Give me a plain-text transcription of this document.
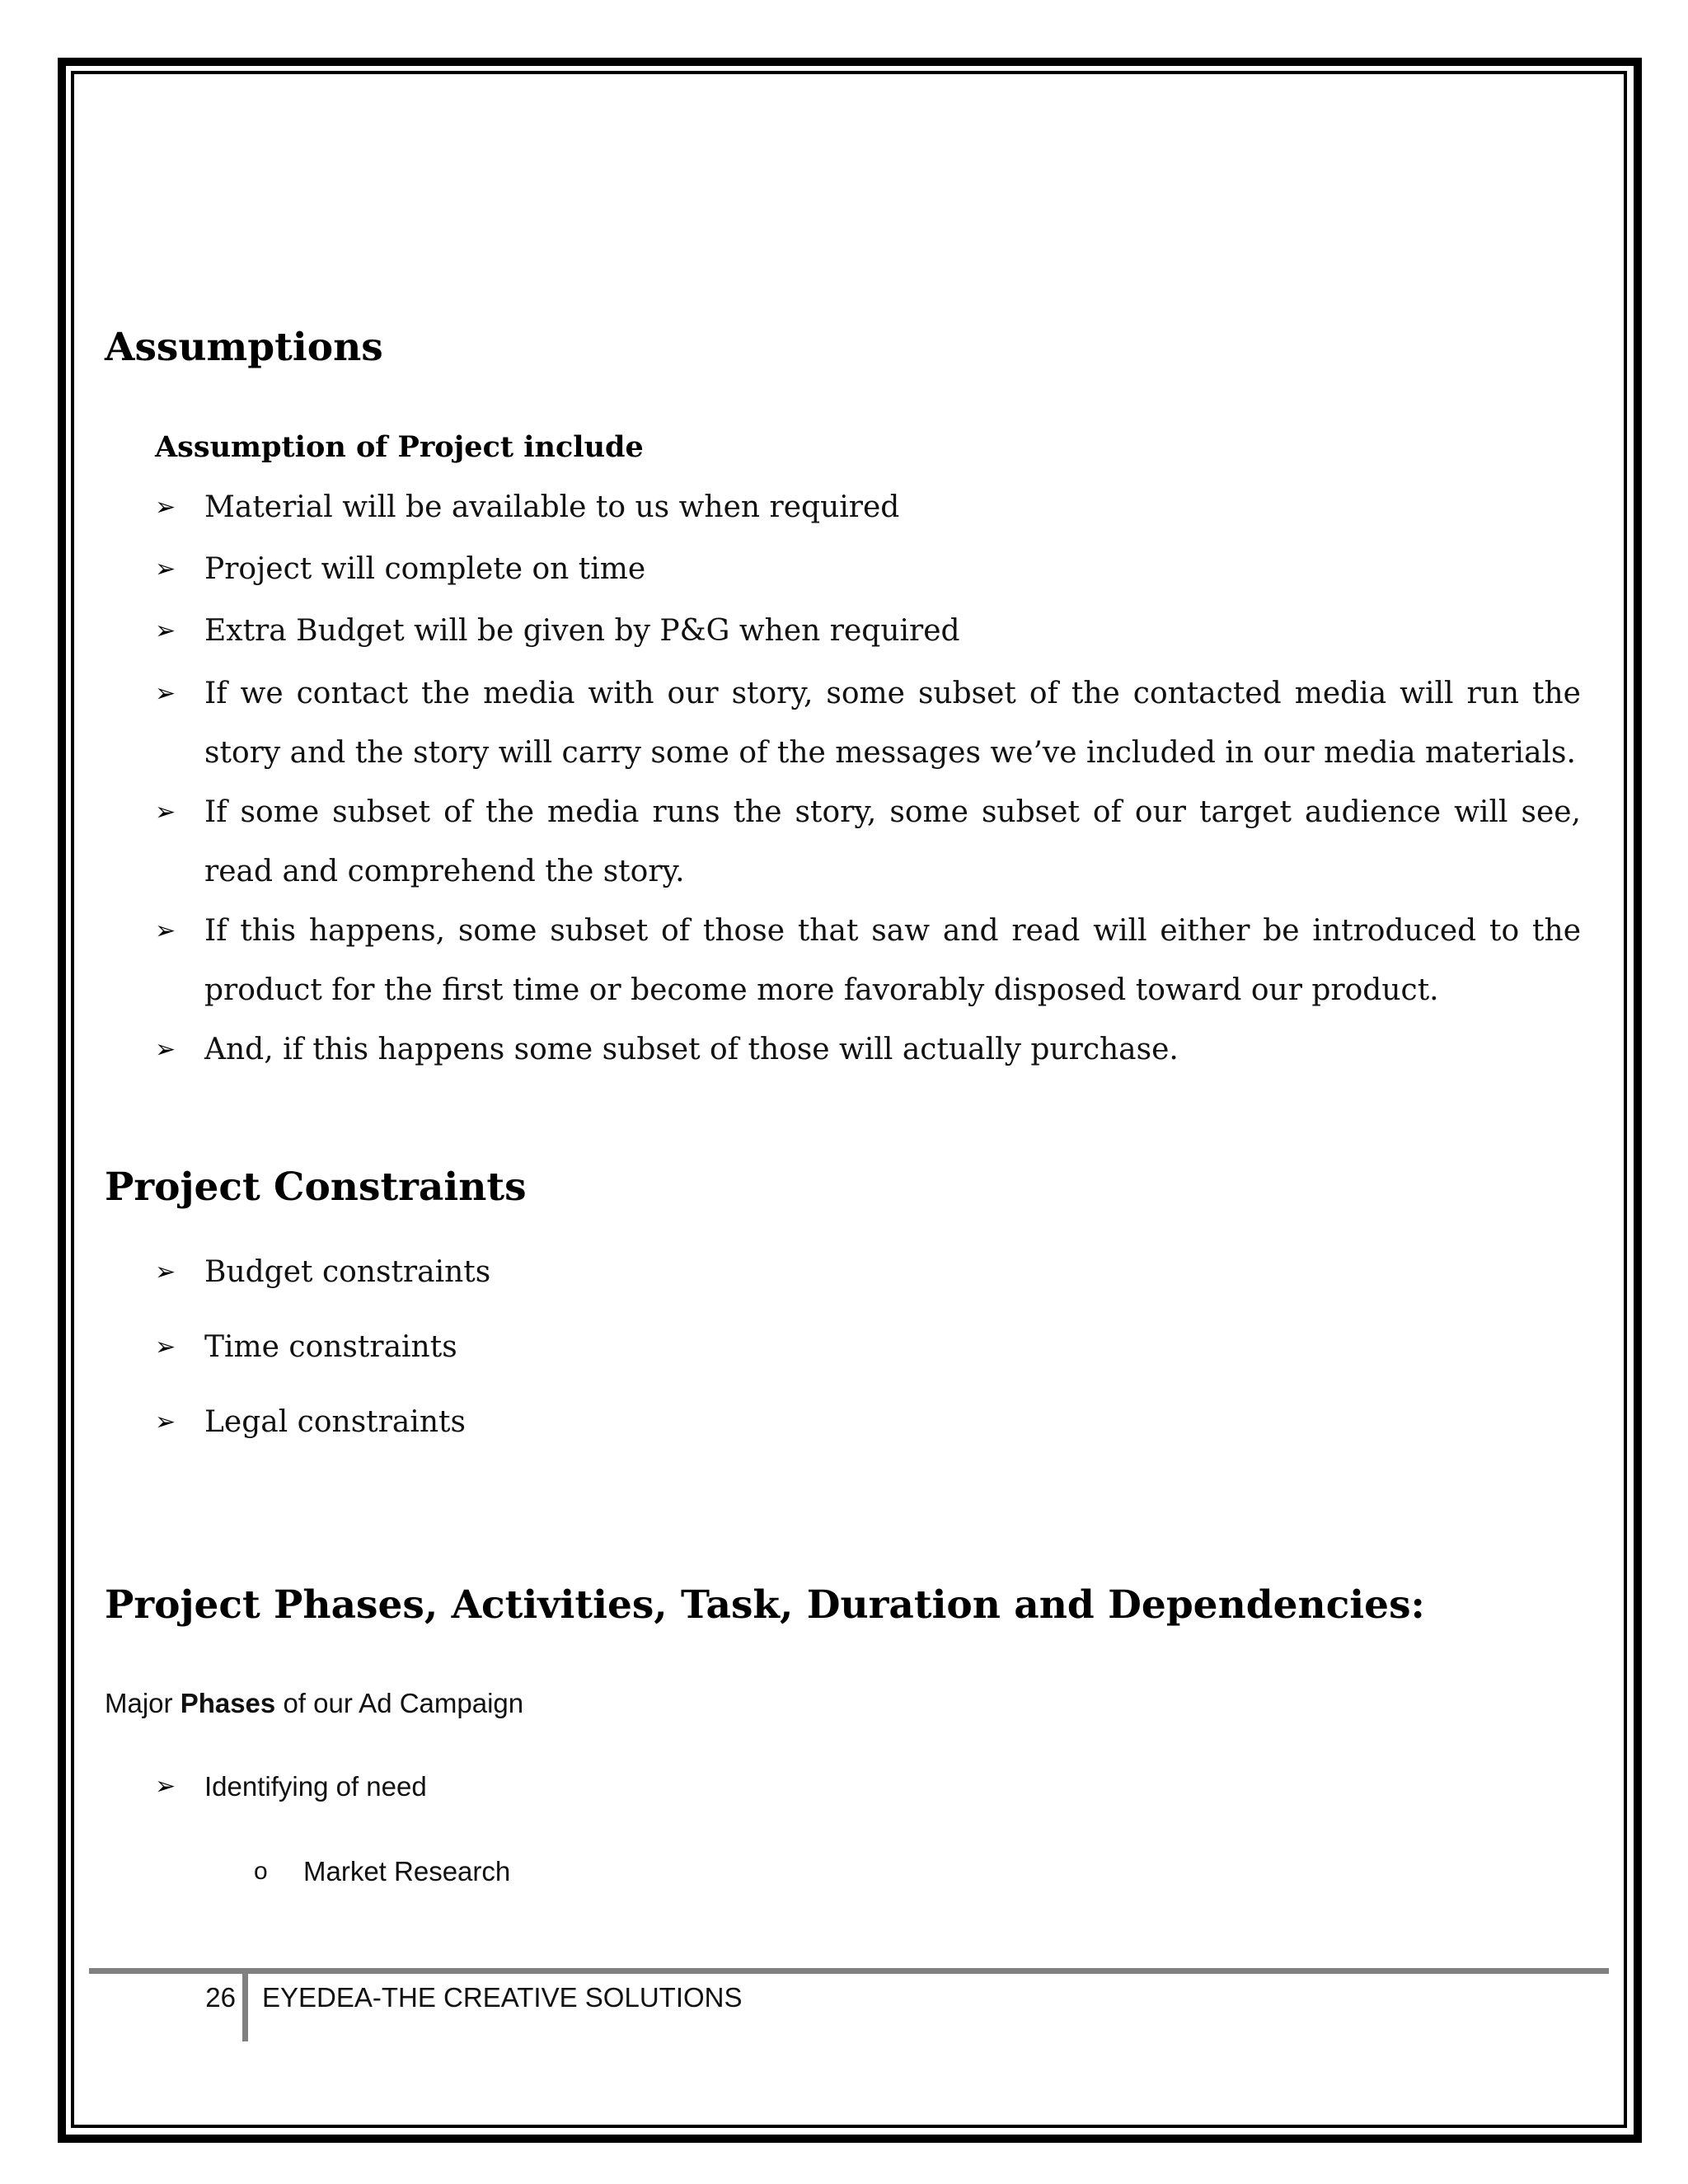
Assumptions
Assumption of Project include
➢ Material will be available to us when required
➢ Project will complete on time
➢ Extra Budget will be given by P&G when required
➢ If we contact the media with our story, some subset of the contacted media will run the story and the story will carry some of the messages we’ve included in our media materials.
➢ If some subset of the media runs the story, some subset of our target audience will see, read and comprehend the story.
➢ If this happens, some subset of those that saw and read will either be introduced to the product for the first time or become more favorably disposed toward our product.
➢ And, if this happens some subset of those will actually purchase.
Project Constraints
➢ Budget constraints
➢ Time constraints
➢ Legal constraints
Project Phases, Activities, Task, Duration and Dependencies:
Major Phases of our Ad Campaign
➢	Identifying of need
o	Market Research
26 EYEDEA-THE CREATIVE SOLUTIONS
